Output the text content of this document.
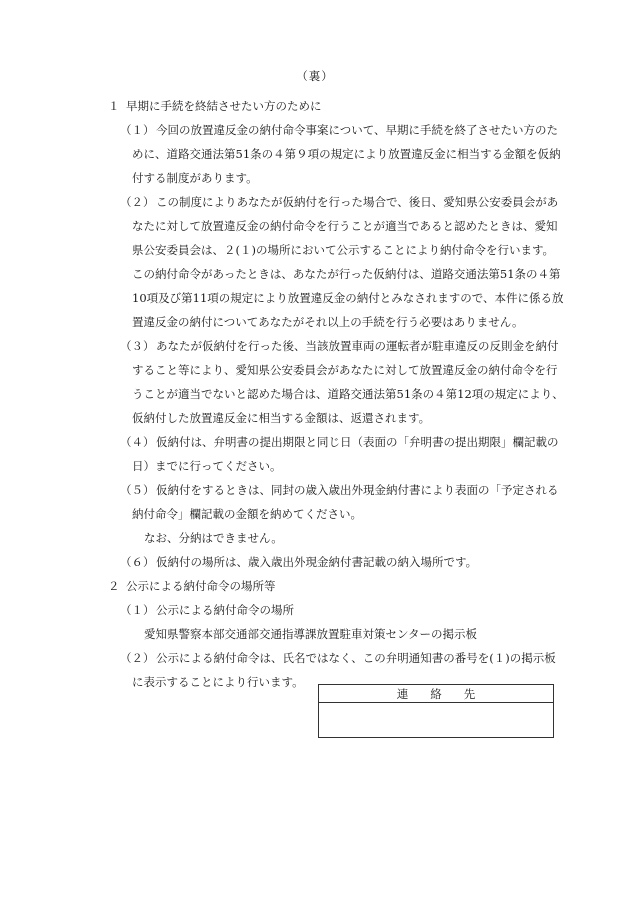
（裏）
１ 早期に手続を終結させたい方のために
（１） 今回の放置違反金の納付命令事案について、早期に手続を終了させたい方のた
めに、道路交通法第51条の４第９項の規定により放置違反金に相当する金額を仮納
付する制度があります。
（２） この制度によりあなたが仮納付を行った場合で、後日、愛知県公安委員会があ
なたに対して放置違反金の納付命令を行うことが適当であると認めたときは、愛知
県公安委員会は、２(１)の場所において公示することにより納付命令を行います。
この納付命令があったときは、あなたが行った仮納付は、道路交通法第51条の４第
10項及び第11項の規定により放置違反金の納付とみなされますので、本件に係る放
置違反金の納付についてあなたがそれ以上の手続を行う必要はありません。
（３） あなたが仮納付を行った後、当該放置車両の運転者が駐車違反の反則金を納付
すること等により、愛知県公安委員会があなたに対して放置違反金の納付命令を行
うことが適当でないと認めた場合は、道路交通法第51条の４第12項の規定により、
仮納付した放置違反金に相当する金額は、返還されます。
（４） 仮納付は、弁明書の提出期限と同じ日（表面の「弁明書の提出期限」欄記載の
日）までに行ってください。
（５） 仮納付をするときは、同封の歳入歳出外現金納付書により表面の「予定される
納付命令」欄記載の金額を納めてください。
なお、分納はできません。
（６） 仮納付の場所は、歳入歳出外現金納付書記載の納入場所です。
２ 公示による納付命令の場所等
（１） 公示による納付命令の場所
愛知県警察本部交通部交通指導課放置駐車対策センターの掲示板
（２） 公示による納付命令は、氏名ではなく、この弁明通知書の番号を(１)の掲示板
に表示することにより行います。
連絡先
